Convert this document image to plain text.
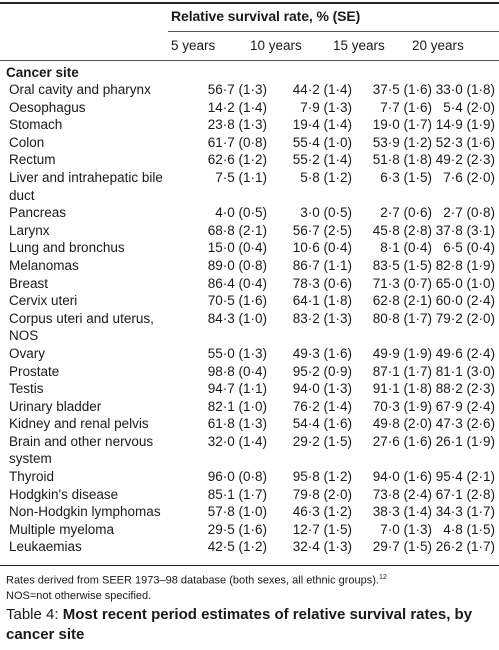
Relative survival rate, % (SE)
5 years	10 years 15 years 20 years
Cancer site
Oral cavity and pharynx	56·7 (1·3)	44·2 (1·4)	37·5 (1·6) 33·0 (1·8)
Oesophagus	14·2 (1·4)	7·9 (1·3)	7·7 (1·6) 5·4 (2·0)
Stomach	23·8 (1·3)	19·4 (1·4)	19·0 (1·7) 14·9 (1·9)
Colon	61·7 (0·8)	55·4 (1·0)	53·9 (1·2) 52·3 (1·6)
Rectum	62·6 (1·2)	55·2 (1·4)	51·8 (1·8) 49·2 (2·3)
Liver and intrahepatic bile duct
7·5 (1·1)	5·8 (1·2)	6·3 (1·5) 7·6 (2·0)
Pancreas	4·0 (0·5)	3·0 (0·5)	2·7 (0·6) 2·7 (0·8)
Larynx	68·8 (2·1)	56·7 (2·5)	45·8 (2·8) 37·8 (3·1)
Lung and bronchus	15·0 (0·4)	10·6 (0·4)	8·1 (0·4) 6·5 (0·4)
Melanomas	89·0 (0·8)	86·7 (1·1)	83·5 (1·5) 82·8 (1·9)
Breast	86·4 (0·4)	78·3 (0·6)	71·3 (0·7) 65·0 (1·0)
Cervix uteri	70·5 (1·6)	64·1 (1·8)	62·8 (2·1) 60·0 (2·4)
Corpus uteri and uterus, NOS
84·3 (1·0)	83·2 (1·3)	80·8 (1·7) 79·2 (2·0)
Ovary	55·0 (1·3)	49·3 (1·6)	49·9 (1·9) 49·6 (2·4)
Prostate	98·8 (0·4)	95·2 (0·9)	87·1 (1·7) 81·1 (3·0)
Testis	94·7 (1·1)	94·0 (1·3)	91·1 (1·8) 88·2 (2·3)
Urinary bladder	82·1 (1·0)	76·2 (1·4)	70·3 (1·9) 67·9 (2·4)
Kidney and renal pelvis	61·8 (1·3)	54·4 (1·6)	49·8 (2·0) 47·3 (2·6)
Brain and other nervous system
32·0 (1·4)	29·2 (1·5)	27·6 (1·6) 26·1 (1·9)
Thyroid	96·0 (0·8)	95·8 (1·2)	94·0 (1·6) 95·4 (2·1)
Hodgkin's disease	85·1 (1·7)	79·8 (2·0)	73·8 (2·4) 67·1 (2·8)
Non-Hodgkin lymphomas	57·8 (1·0)	46·3 (1·2)	38·3 (1·4) 34·3 (1·7)
Multiple myeloma	29·5 (1·6)	12·7 (1·5)	7·0 (1·3) 4·8 (1·5)
Leukaemias	42·5 (1·2)	32·4 (1·3)	29·7 (1·5) 26·2 (1·7)
Rates derived from SEER 1973–98 database (both sexes, all ethnic groups).$^{12}$
NOS=not otherwise specified.
Table 4: Most recent period estimates of relative survival rates, by cancer site
